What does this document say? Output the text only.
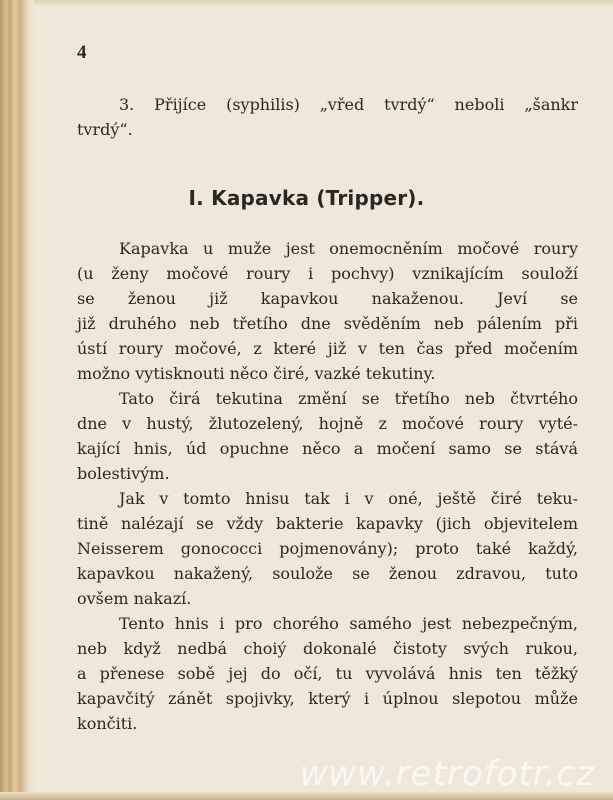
4
3. Přijíce (syphilis) „vřed tvrdý“ neboli „šankr
tvrdý“.
I. Kapavka (Tripper).
Kapavka u muže jest onemocněním močové roury
(u ženy močové roury i pochvy) vznikajícím souloží
se ženou již kapavkou nakaženou. Jeví se
již druhého neb třetího dne svěděním neb pálením při
ústí roury močové, z které již v ten čas před močením
možno vytisknouti něco čiré, vazké tekutiny.
Tato čirá tekutina změní se třetího neb čtvrtého
dne v hustý, žlutozelený, hojně z močové roury vyté-
kající hnis, úd opuchne něco a močení samo se stává
bolestivým.
Jak v tomto hnisu tak i v oné, ještě čiré teku-
tině nalézají se vždy bakterie kapavky (jich objevitelem
Neisserem gonococci pojmenovány); proto také každý,
kapavkou nakažený, soulože se ženou zdravou, tuto
ovšem nakazí.
Tento hnis i pro chorého samého jest nebezpečným,
neb když nedbá choiý dokonalé čistoty svých rukou,
a přenese sobě jej do očí, tu vyvolává hnis ten těžký
kapavčitý zánět spojivky, který i úplnou slepotou může
končiti.
www.retrofotr.cz
